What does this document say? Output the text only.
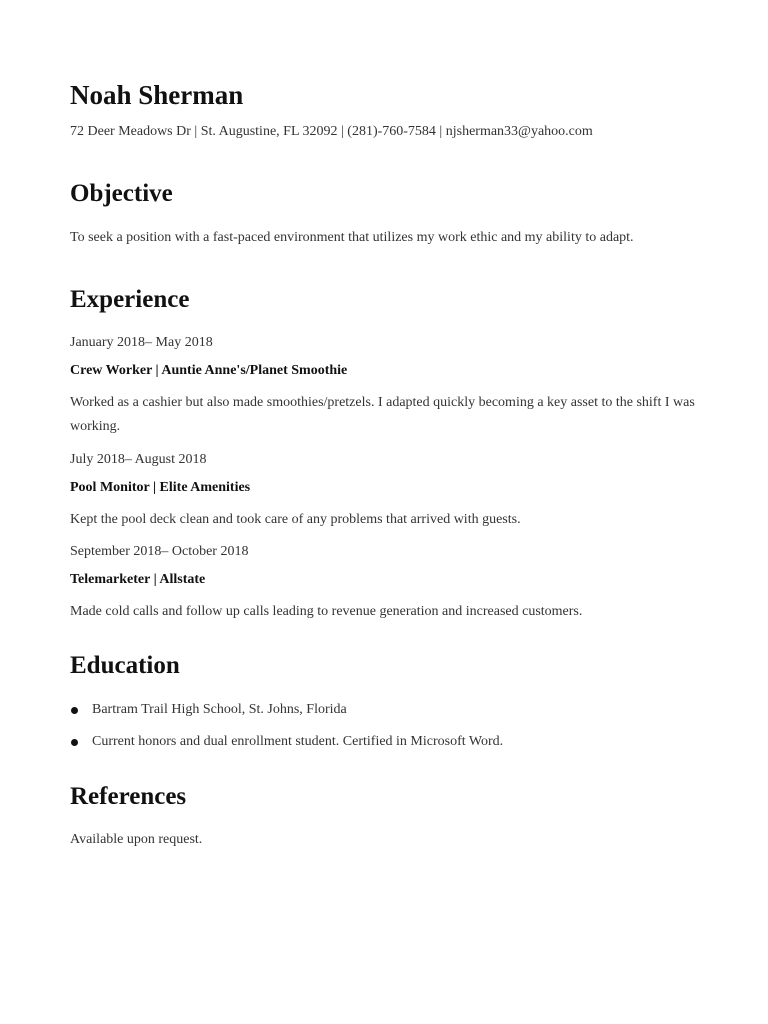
Noah Sherman
72 Deer Meadows Dr | St. Augustine, FL 32092 | (281)-760-7584 | njsherman33@yahoo.com
Objective
To seek a position with a fast-paced environment that utilizes my work ethic and my ability to adapt.
Experience
January 2018– May 2018
Crew Worker | Auntie Anne's/Planet Smoothie
Worked as a cashier but also made smoothies/pretzels. I adapted quickly becoming a key asset to the shift I was working.
July 2018– August 2018
Pool Monitor | Elite Amenities
Kept the pool deck clean and took care of any problems that arrived with guests.
September 2018– October 2018
Telemarketer | Allstate
Made cold calls and follow up calls leading to revenue generation and increased customers.
Education
Bartram Trail High School, St. Johns, Florida
Current honors and dual enrollment student. Certified in Microsoft Word.
References
Available upon request.
